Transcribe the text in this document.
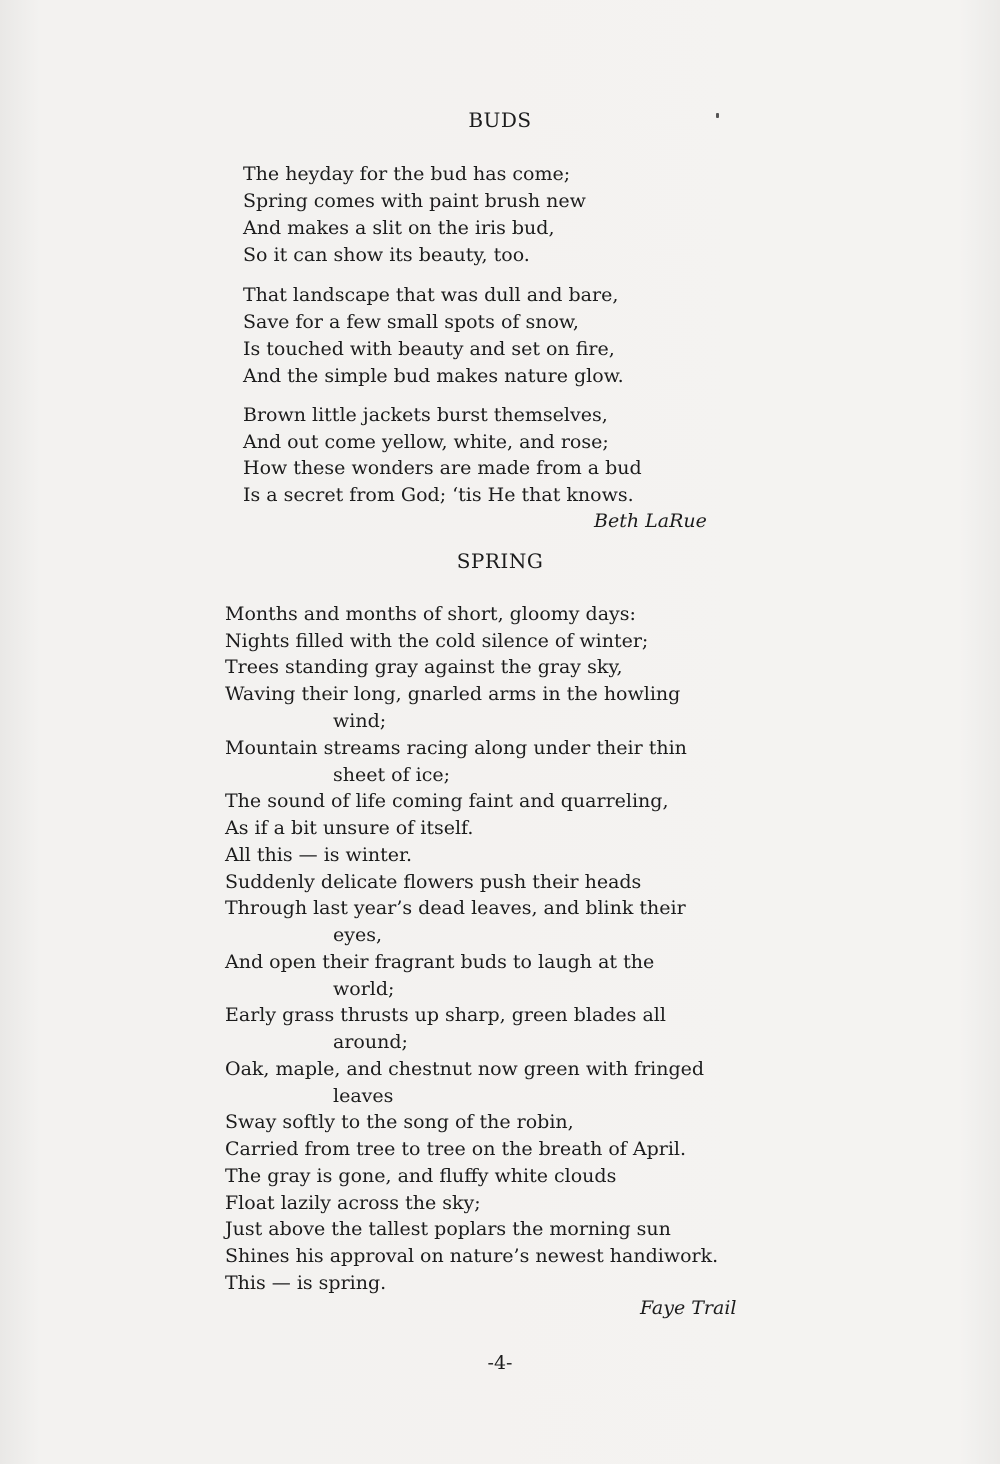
BUDS

The heyday for the bud has come;

Spring comes with paint brush new

And makes a slit on the iris bud,

So it can show its beauty, too.

That landscape that was dull and bare,

Save for a few small spots of snow,

Is touched with beauty and set on fire,

And the simple bud makes nature glow.

Brown little jackets burst themselves,

And out come yellow, white, and rose;

How these wonders are made from a bud

Is a secret from God; ‘tis He that knows.

Beth LaRue

SPRING

Months and months of short, gloomy days:

Nights filled with the cold silence of winter;

Trees standing gray against the gray sky,

Waving their long, gnarled arms in the howling

wind;

Mountain streams racing along under their thin

sheet of ice;

The sound of life coming faint and quarreling,

As if a bit unsure of itself.

All this — is winter.

Suddenly delicate flowers push their heads

Through last year’s dead leaves, and blink their

eyes,

And open their fragrant buds to laugh at the

world;

Early grass thrusts up sharp, green blades all

around;

Oak, maple, and chestnut now green with fringed

leaves

Sway softly to the song of the robin,

Carried from tree to tree on the breath of April.

The gray is gone, and fluffy white clouds

Float lazily across the sky;

Just above the tallest poplars the morning sun

Shines his approval on nature’s newest handiwork.

This — is spring.

Faye Trail

-4-
